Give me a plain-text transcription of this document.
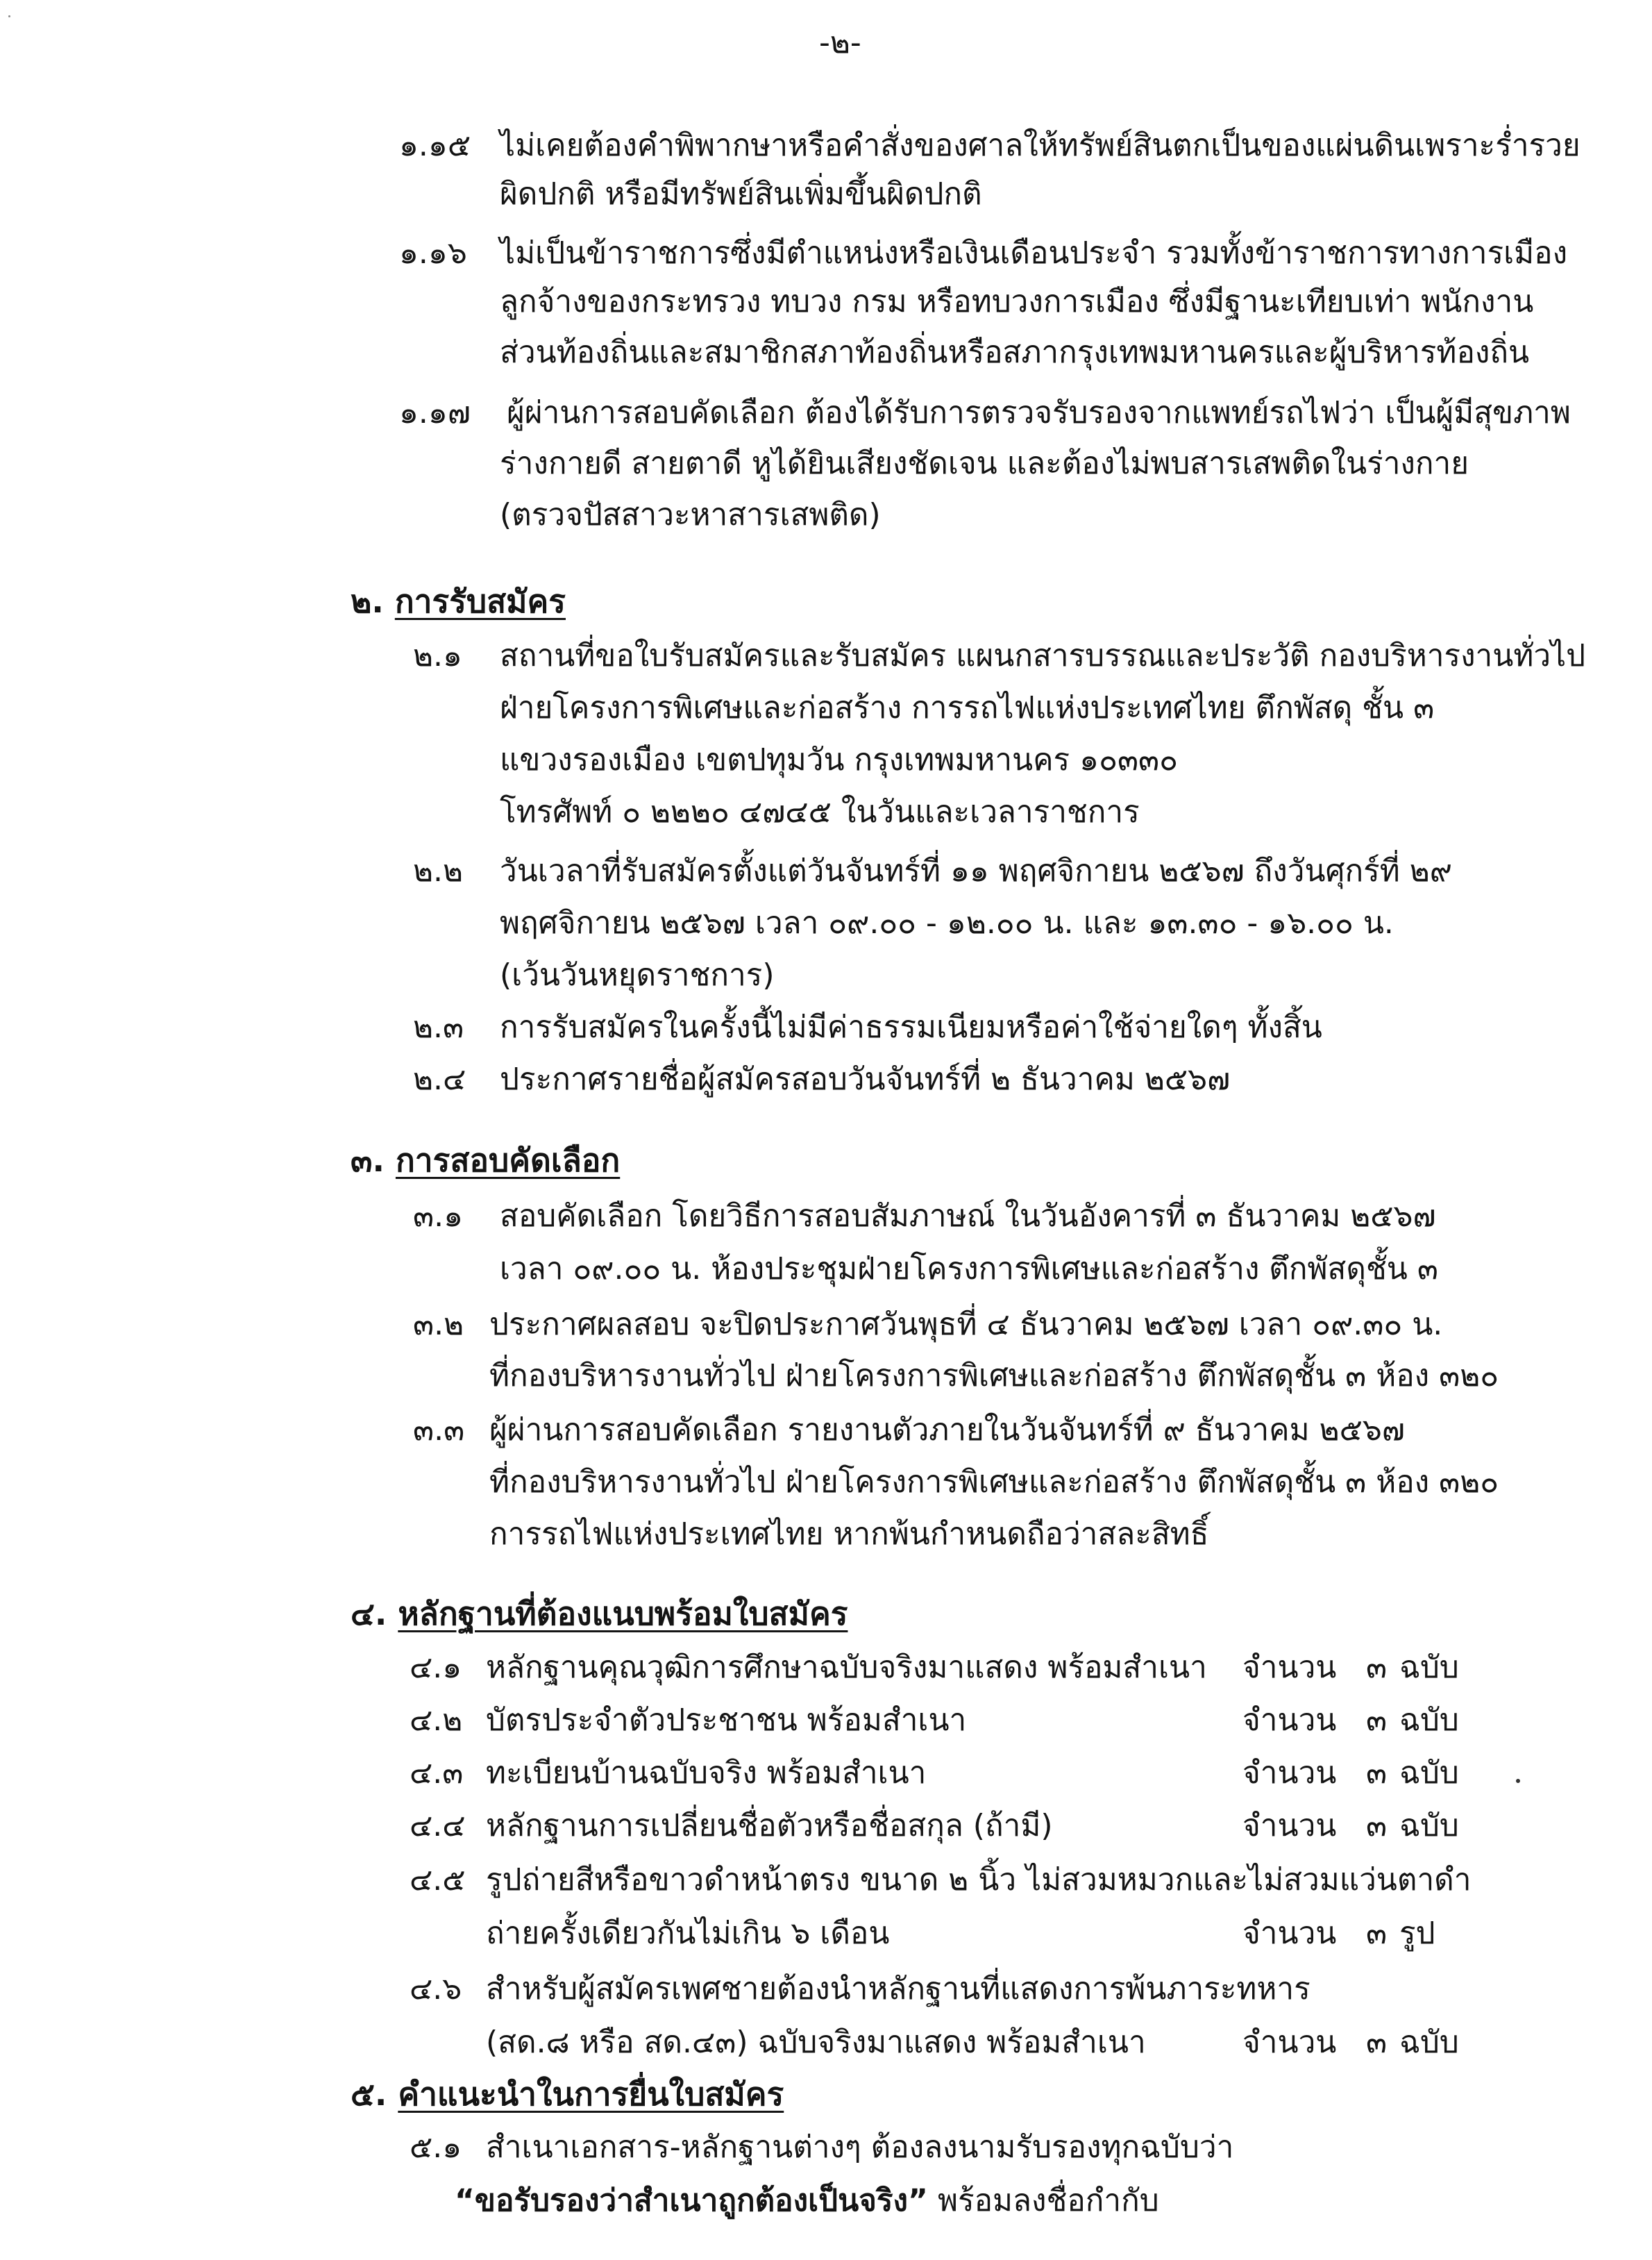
-๒-
๑.๑๕ ไม่เคยต้องคำพิพากษาหรือคำสั่งของศาลให้ทรัพย์สินตกเป็นของแผ่นดินเพราะร่ำรวย
ผิดปกติ หรือมีทรัพย์สินเพิ่มขึ้นผิดปกติ
๑.๑๖ ไม่เป็นข้าราชการซึ่งมีตำแหน่งหรือเงินเดือนประจำ รวมทั้งข้าราชการทางการเมือง
ลูกจ้างของกระทรวง ทบวง กรม หรือทบวงการเมือง ซึ่งมีฐานะเทียบเท่า พนักงาน
ส่วนท้องถิ่นและสมาชิกสภาท้องถิ่นหรือสภากรุงเทพมหานครและผู้บริหารท้องถิ่น
๑.๑๗ ผู้ผ่านการสอบคัดเลือก ต้องได้รับการตรวจรับรองจากแพทย์รถไฟว่า เป็นผู้มีสุขภาพ
ร่างกายดี สายตาดี หูได้ยินเสียงชัดเจน และต้องไม่พบสารเสพติดในร่างกาย
(ตรวจปัสสาวะหาสารเสพติด)
๒. การรับสมัคร
๒.๑ สถานที่ขอใบรับสมัครและรับสมัคร แผนกสารบรรณและประวัติ กองบริหารงานทั่วไป
ฝ่ายโครงการพิเศษและก่อสร้าง การรถไฟแห่งประเทศไทย ตึกพัสดุ ชั้น ๓
แขวงรองเมือง เขตปทุมวัน กรุงเทพมหานคร ๑๐๓๓๐
โทรศัพท์ ๐ ๒๒๒๐ ๔๗๔๕ ในวันและเวลาราชการ
๒.๒ วันเวลาที่รับสมัครตั้งแต่วันจันทร์ที่ ๑๑ พฤศจิกายน ๒๕๖๗ ถึงวันศุกร์ที่ ๒๙
พฤศจิกายน ๒๕๖๗ เวลา ๐๙.๐๐ - ๑๒.๐๐ น. และ ๑๓.๓๐ - ๑๖.๐๐ น.
(เว้นวันหยุดราชการ)
๒.๓ การรับสมัครในครั้งนี้ไม่มีค่าธรรมเนียมหรือค่าใช้จ่ายใดๆ ทั้งสิ้น
๒.๔ ประกาศรายชื่อผู้สมัครสอบวันจันทร์ที่ ๒ ธันวาคม ๒๕๖๗
๓. การสอบคัดเลือก
๓.๑ สอบคัดเลือก โดยวิธีการสอบสัมภาษณ์ ในวันอังคารที่ ๓ ธันวาคม ๒๕๖๗
เวลา ๐๙.๐๐ น. ห้องประชุมฝ่ายโครงการพิเศษและก่อสร้าง ตึกพัสดุชั้น ๓
๓.๒ ประกาศผลสอบ จะปิดประกาศวันพุธที่ ๔ ธันวาคม ๒๕๖๗ เวลา ๐๙.๓๐ น.
ที่กองบริหารงานทั่วไป ฝ่ายโครงการพิเศษและก่อสร้าง ตึกพัสดุชั้น ๓ ห้อง ๓๒๐
๓.๓ ผู้ผ่านการสอบคัดเลือก รายงานตัวภายในวันจันทร์ที่ ๙ ธันวาคม ๒๕๖๗
ที่กองบริหารงานทั่วไป ฝ่ายโครงการพิเศษและก่อสร้าง ตึกพัสดุชั้น ๓ ห้อง ๓๒๐
การรถไฟแห่งประเทศไทย หากพ้นกำหนดถือว่าสละสิทธิ์
๔. หลักฐานที่ต้องแนบพร้อมใบสมัคร
๔.๑ หลักฐานคุณวุฒิการศึกษาฉบับจริงมาแสดง พร้อมสำเนา จำนวน ๓ ฉบับ
๔.๒ บัตรประจำตัวประชาชน พร้อมสำเนา	จำนวน ๓ ฉบับ
๔.๓ ทะเบียนบ้านฉบับจริง พร้อมสำเนา	จำนวน ๓ ฉบับ
๔.๔ หลักฐานการเปลี่ยนชื่อตัวหรือชื่อสกุล (ถ้ามี)	จำนวน ๓ ฉบับ
๔.๕ รูปถ่ายสีหรือขาวดำหน้าตรง ขนาด ๒ นิ้ว ไม่สวมหมวกและไม่สวมแว่นตาดำ
ถ่ายครั้งเดียวกันไม่เกิน ๖ เดือน	จำนวน ๓ รูป
๔.๖ สำหรับผู้สมัครเพศชายต้องนำหลักฐานที่แสดงการพ้นภาระทหาร
(สด.๘ หรือ สด.๔๓) ฉบับจริงมาแสดง พร้อมสำเนา	จำนวน ๓ ฉบับ
๕. คำแนะนำในการยื่นใบสมัคร
๕.๑ สำเนาเอกสาร-หลักฐานต่างๆ ต้องลงนามรับรองทุกฉบับว่า
“ขอรับรองว่าสำเนาถูกต้องเป็นจริง” พร้อมลงชื่อกำกับ
